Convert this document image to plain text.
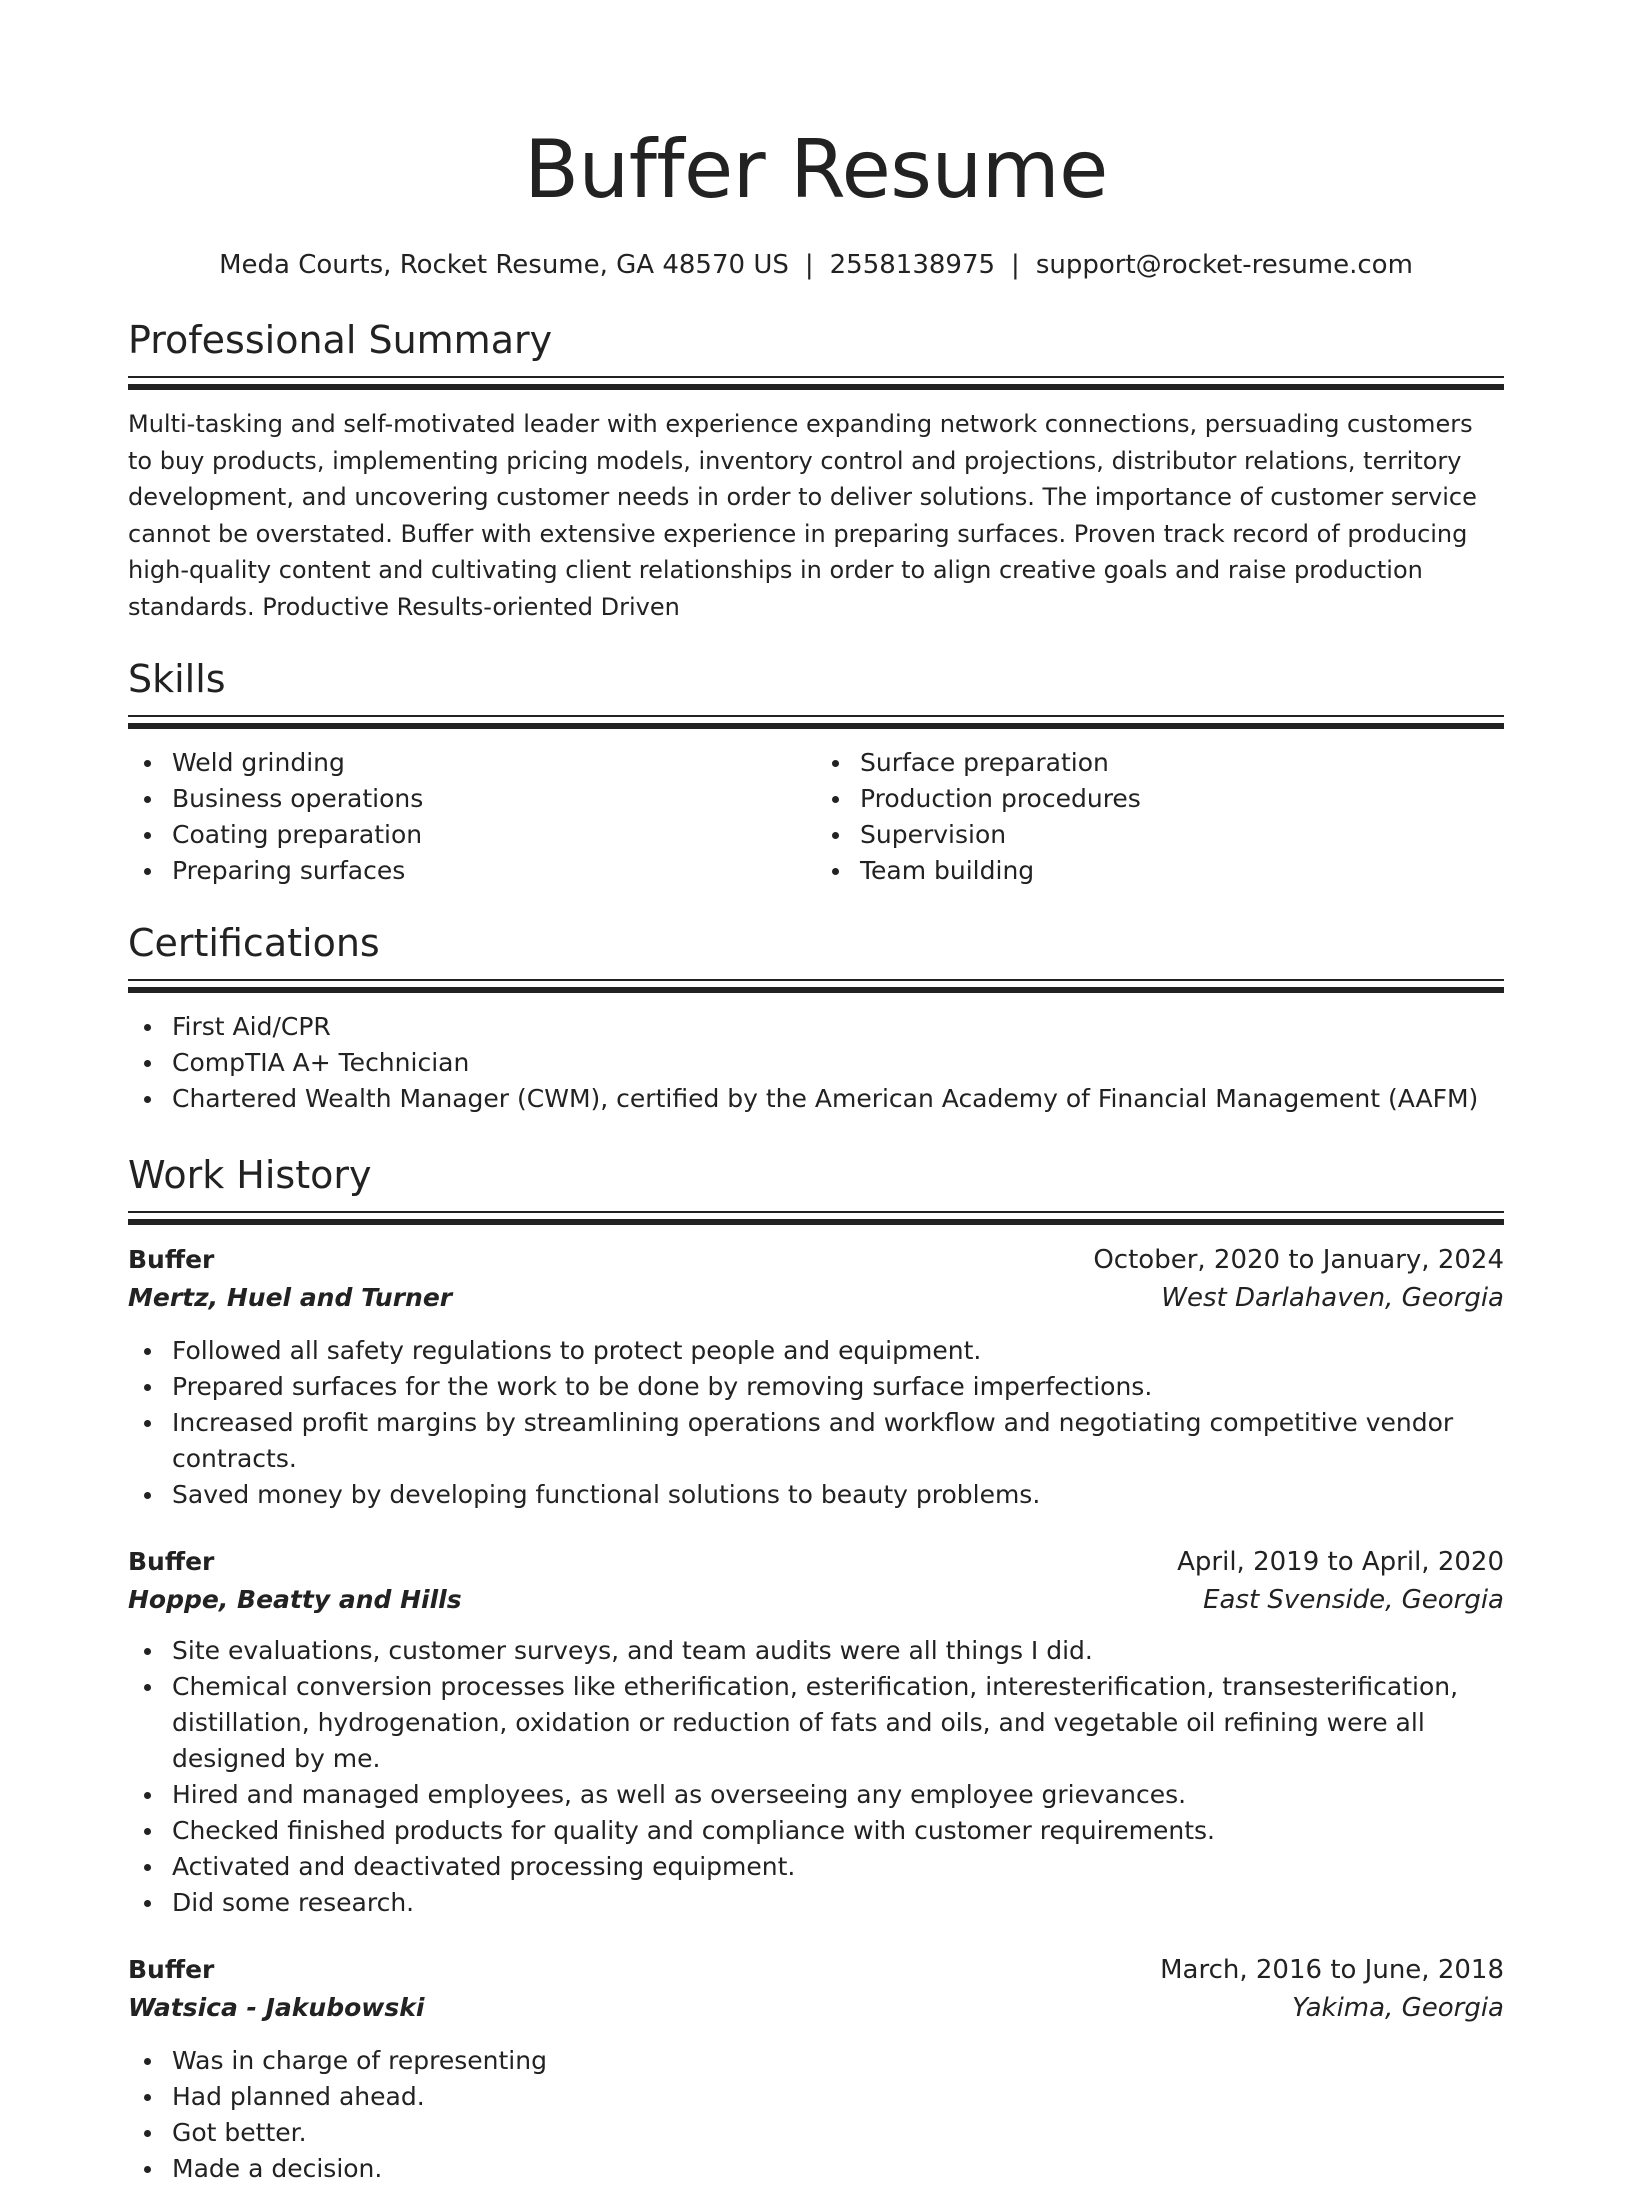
Buffer Resume
Meda Courts, Rocket Resume, GA 48570 US | 2558138975 | support@rocket-resume.com
Professional Summary

Multi-tasking and self-motivated leader with experience expanding network connections, persuading customers to buy products, implementing pricing models, inventory control and projections, distributor relations, territory development, and uncovering customer needs in order to deliver solutions. The importance of customer service cannot be overstated. Buffer with extensive experience in preparing surfaces. Proven track record of producing high-quality content and cultivating client relationships in order to align creative goals and raise production standards. Productive Results-oriented Driven

Skills
Weld grinding
Business operations
Coating preparation
Preparing surfaces
Surface preparation
Production procedures
Supervision
Team building
Certifications
First Aid/CPR
CompTIA A+ Technician
Chartered Wealth Manager (CWM), certified by the American Academy of Financial Management (AAFM)
Work History
Buffer	October, 2020 to January, 2024
Mertz, Huel and Turner	West Darlahaven, Georgia
Followed all safety regulations to protect people and equipment.
Prepared surfaces for the work to be done by removing surface imperfections.
Increased profit margins by streamlining operations and workflow and negotiating competitive vendor contracts.
Saved money by developing functional solutions to beauty problems.
Buffer	April, 2019 to April, 2020
Hoppe, Beatty and Hills	East Svenside, Georgia
Site evaluations, customer surveys, and team audits were all things I did.
Chemical conversion processes like etherification, esterification, interesterification, transesterification, distillation, hydrogenation, oxidation or reduction of fats and oils, and vegetable oil refining were all designed by me.
Hired and managed employees, as well as overseeing any employee grievances.
Checked finished products for quality and compliance with customer requirements.
Activated and deactivated processing equipment.
Did some research.
Buffer	March, 2016 to June, 2018
Watsica - Jakubowski	Yakima, Georgia
Was in charge of representing
Had planned ahead.
Got better.
Made a decision.
